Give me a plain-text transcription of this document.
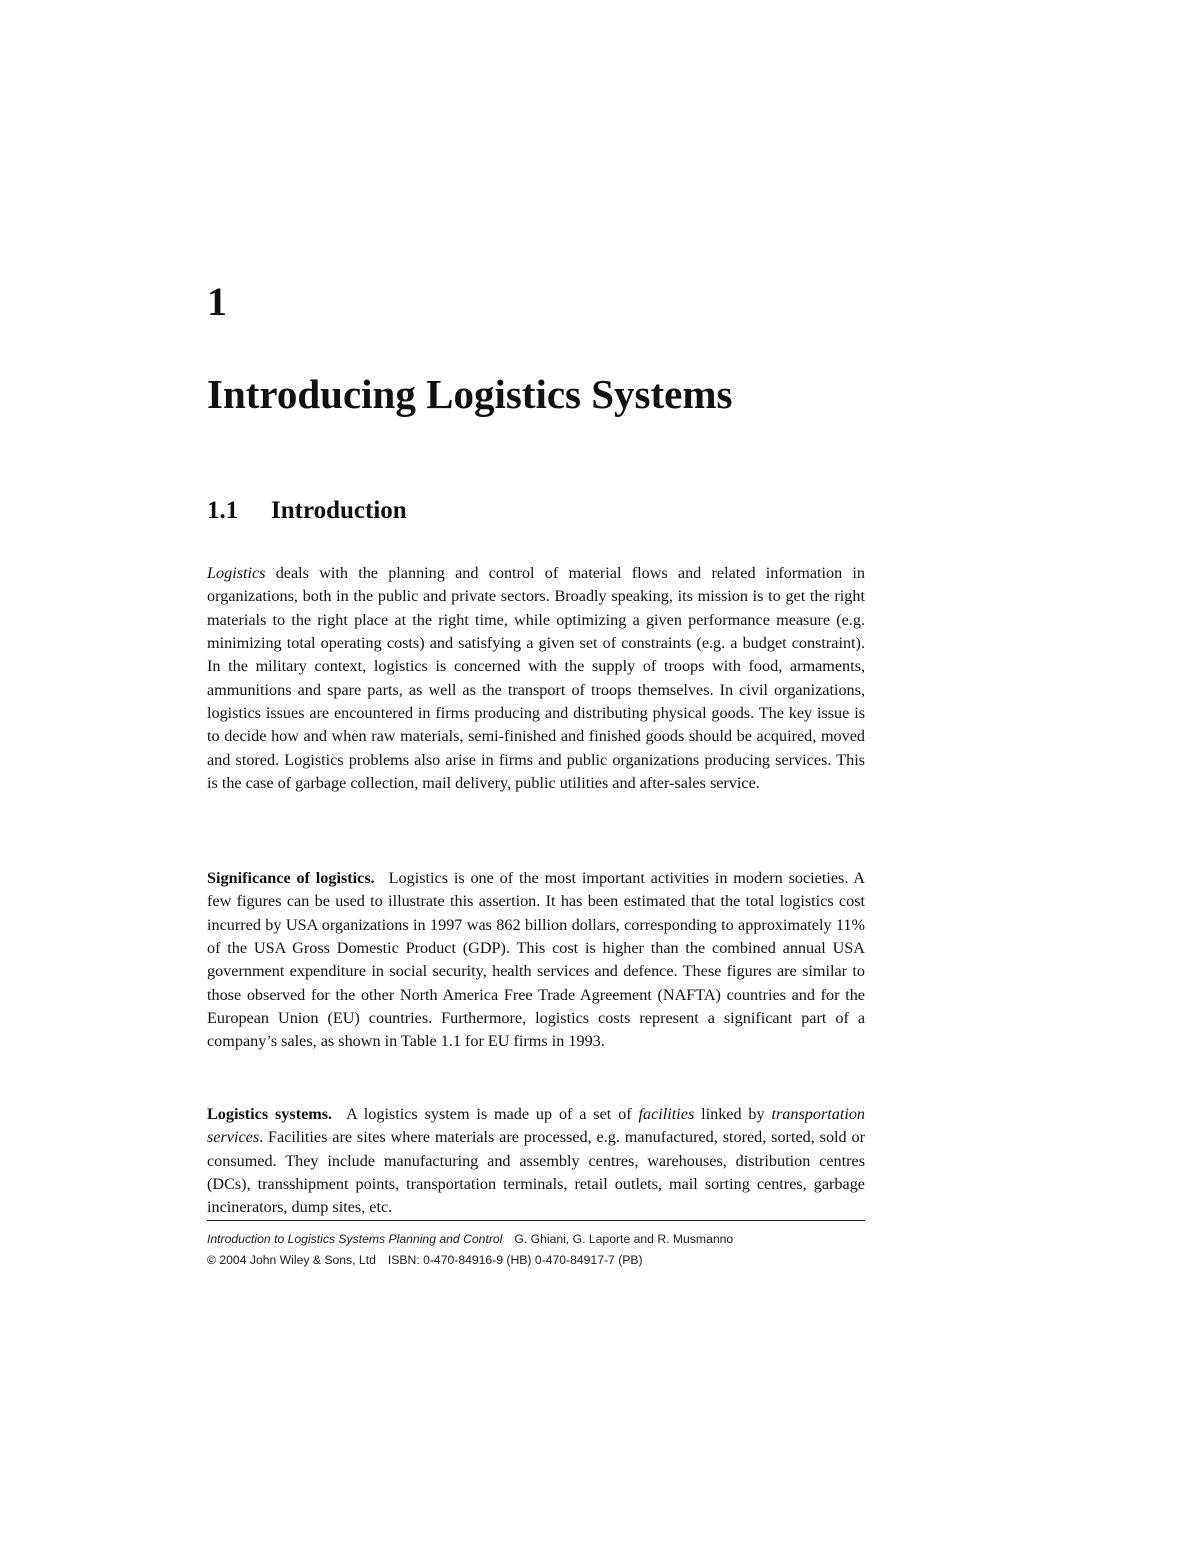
1
Introducing Logistics Systems
1.1 Introduction

Logistics deals with the planning and control of material flows and related information in organizations, both in the public and private sectors. Broadly speaking, its mission is to get the right materials to the right place at the right time, while optimizing a given performance measure (e.g. minimizing total operating costs) and satisfying a given set of constraints (e.g. a budget constraint). In the military context, logistics is concerned with the supply of troops with food, armaments, ammunitions and spare parts, as well as the transport of troops themselves. In civil organizations, logistics issues are encountered in firms producing and distributing physical goods. The key issue is to decide how and when raw materials, semi-finished and finished goods should be acquired, moved and stored. Logistics problems also arise in firms and public organizations producing services. This is the case of garbage collection, mail delivery, public utilities and after-sales service.

Significance of logistics. Logistics is one of the most important activities in modern societies. A few figures can be used to illustrate this assertion. It has been estimated that the total logistics cost incurred by USA organizations in 1997 was 862 billion dollars, corresponding to approximately 11% of the USA Gross Domestic Product (GDP). This cost is higher than the combined annual USA government expenditure in social security, health services and defence. These figures are similar to those observed for the other North America Free Trade Agreement (NAFTA) countries and for the European Union (EU) countries. Furthermore, logistics costs represent a significant part of a company’s sales, as shown in Table 1.1 for EU firms in 1993.

Logistics systems. A logistics system is made up of a set of facilities linked by transportation services. Facilities are sites where materials are processed, e.g. manufactured, stored, sorted, sold or consumed. They include manufacturing and assembly centres, warehouses, distribution centres (DCs), transshipment points, transportation terminals, retail outlets, mail sorting centres, garbage incinerators, dump sites, etc.

Introduction to Logistics Systems Planning and Control G. Ghiani, G. Laporte and R. Musmanno
© 2004 John Wiley & Sons, Ltd ISBN: 0-470-84916-9 (HB) 0-470-84917-7 (PB)
